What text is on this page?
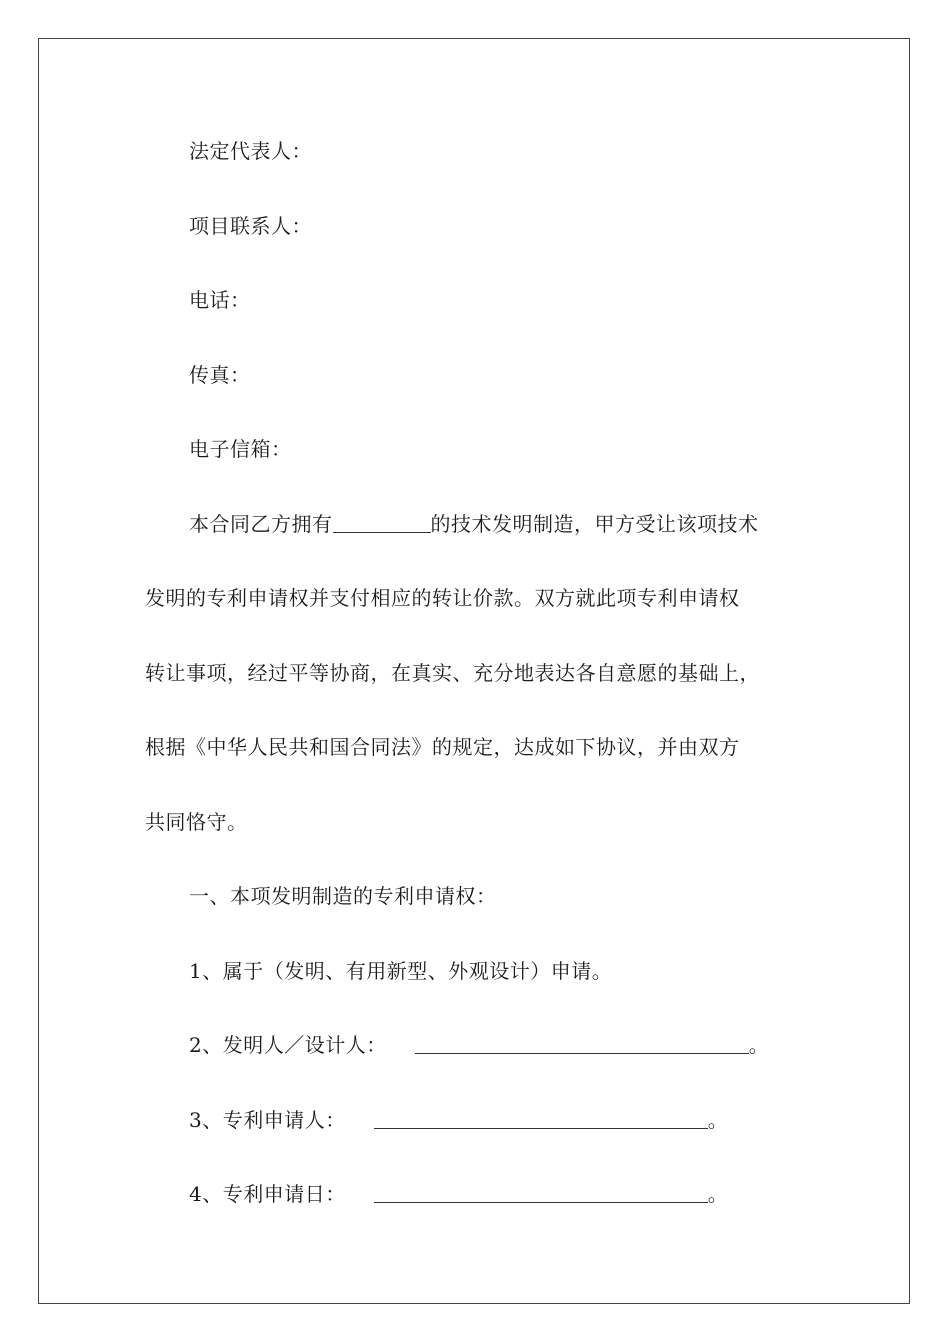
法定代表人：
项目联系人：
电话：
传真：
电子信箱：
本合同乙方拥有	的技术发明制造，甲方受让该项技术
发明的专利申请权并支付相应的转让价款。双方就此项专利申请权
转让事项，经过平等协商，在真实、充分地表达各自意愿的基础上，
根据《中华人民共和国合同法》的规定，达成如下协议，并由双方
共同恪守。
一、本项发明制造的专利申请权：
1、属于（发明、有用新型、外观设计）申请。
2、发明人／设计人：	。
3、专利申请人：	。
4、专利申请日：	。
